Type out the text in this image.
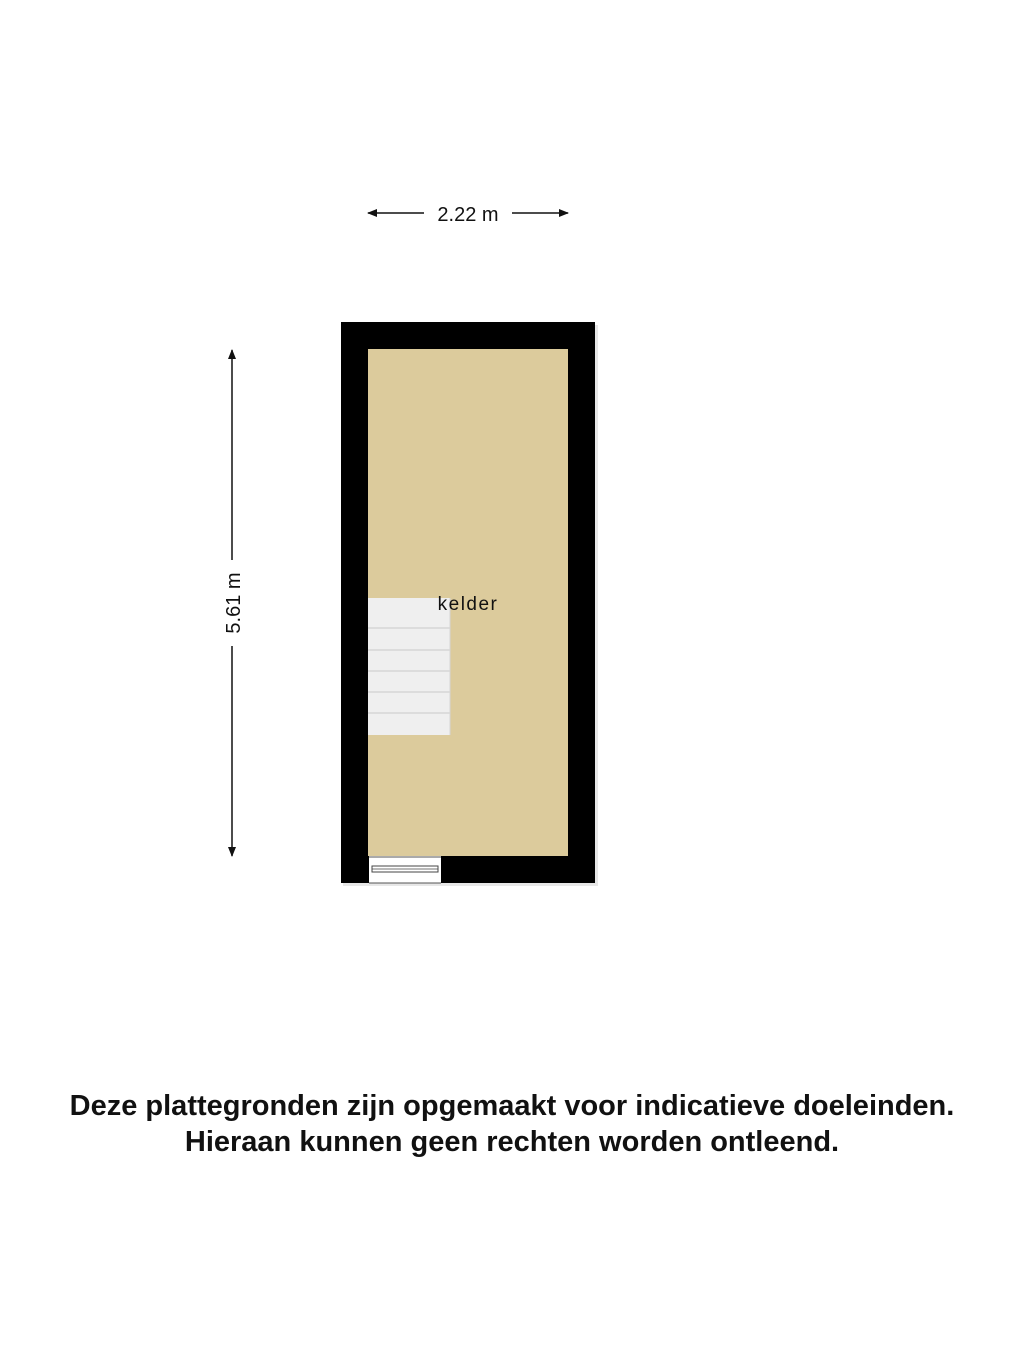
2.22 m
5.61 m	kelder
Deze plattegronden zijn opgemaakt voor indicatieve doeleinden.
Hieraan kunnen geen rechten worden ontleend.
